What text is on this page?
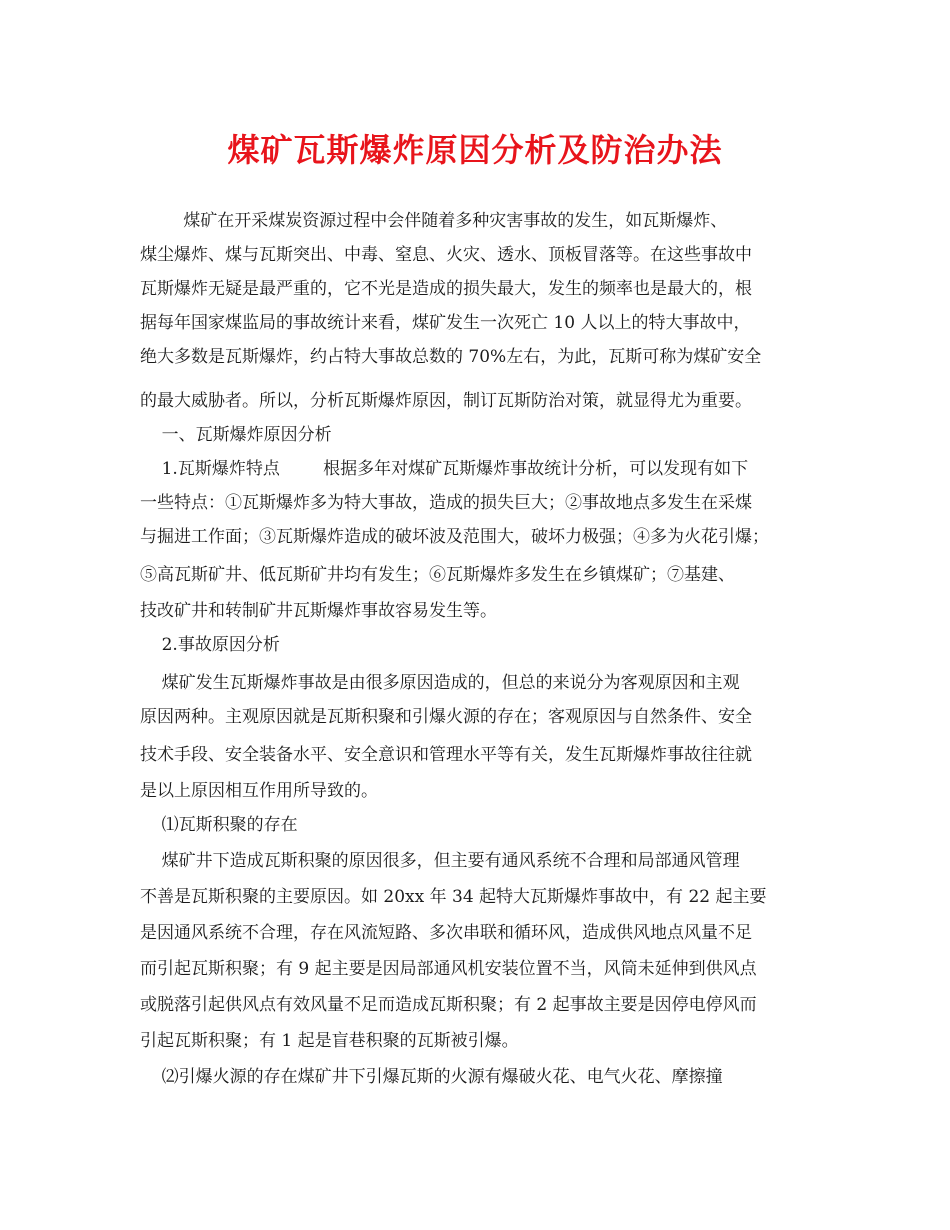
煤矿瓦斯爆炸原因分析及防治办法

煤矿在开采煤炭资源过程中会伴随着多种灾害事故的发生，如瓦斯爆炸、

煤尘爆炸、煤与瓦斯突出、中毒、窒息、火灾、透水、顶板冒落等。在这些事故中

瓦斯爆炸无疑是最严重的，它不光是造成的损失最大，发生的频率也是最大的，根

据每年国家煤监局的事故统计来看，煤矿发生一次死亡 10 人以上的特大事故中，

绝大多数是瓦斯爆炸，约占特大事故总数的 70%左右，为此，瓦斯可称为煤矿安全

的最大威胁者。所以，分析瓦斯爆炸原因，制订瓦斯防治对策，就显得尤为重要。

一、瓦斯爆炸原因分析

1.瓦斯爆炸特点        根据多年对煤矿瓦斯爆炸事故统计分析，可以发现有如下

一些特点：①瓦斯爆炸多为特大事故，造成的损失巨大；②事故地点多发生在采煤

与掘进工作面；③瓦斯爆炸造成的破坏波及范围大，破坏力极强；④多为火花引爆；

⑤高瓦斯矿井、低瓦斯矿井均有发生；⑥瓦斯爆炸多发生在乡镇煤矿；⑦基建、

技改矿井和转制矿井瓦斯爆炸事故容易发生等。

2.事故原因分析

煤矿发生瓦斯爆炸事故是由很多原因造成的，但总的来说分为客观原因和主观

原因两种。主观原因就是瓦斯积聚和引爆火源的存在；客观原因与自然条件、安全

技术手段、安全装备水平、安全意识和管理水平等有关，发生瓦斯爆炸事故往往就

是以上原因相互作用所导致的。

⑴瓦斯积聚的存在

煤矿井下造成瓦斯积聚的原因很多，但主要有通风系统不合理和局部通风管理

不善是瓦斯积聚的主要原因。如 20xx 年 34 起特大瓦斯爆炸事故中，有 22 起主要

是因通风系统不合理，存在风流短路、多次串联和循环风，造成供风地点风量不足

而引起瓦斯积聚；有 9 起主要是因局部通风机安装位置不当，风筒未延伸到供风点

或脱落引起供风点有效风量不足而造成瓦斯积聚；有 2 起事故主要是因停电停风而

引起瓦斯积聚；有 1 起是盲巷积聚的瓦斯被引爆。

⑵引爆火源的存在煤矿井下引爆瓦斯的火源有爆破火花、电气火花、摩擦撞
